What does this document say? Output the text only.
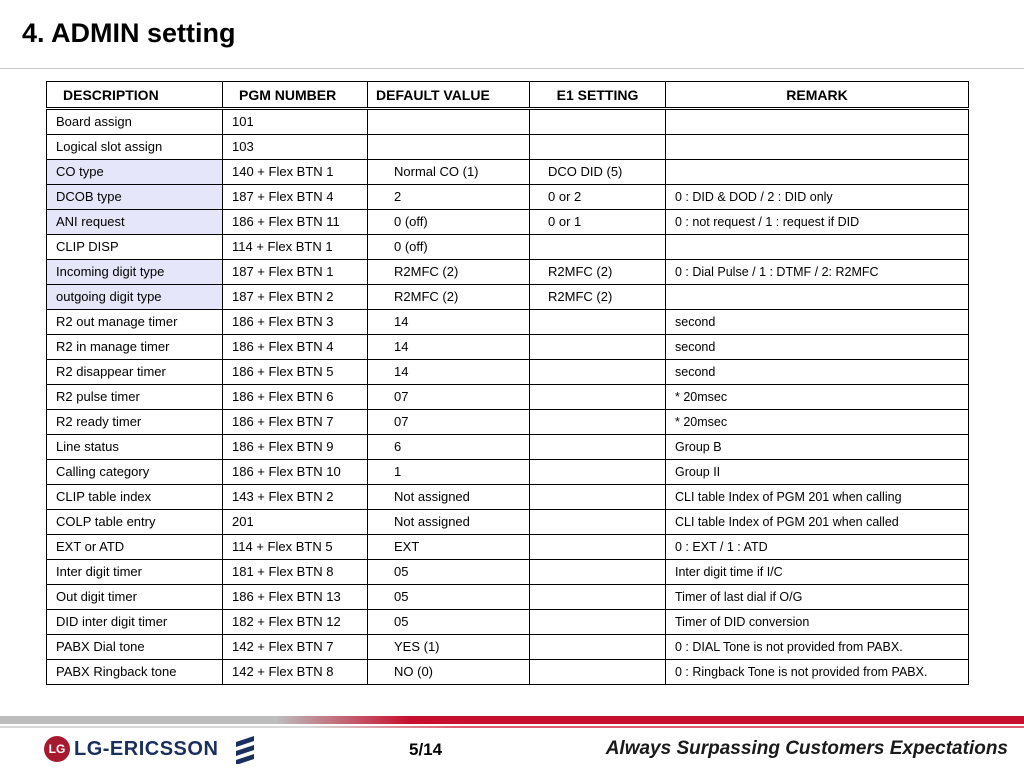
4. ADMIN setting
DESCRIPTION	PGM NUMBER	DEFAULT VALUE	E1 SETTING	REMARK
Board assign	101			
Logical slot assign	103			
CO type	140 + Flex BTN 1	Normal CO (1)	DCO DID (5)	
DCOB type	187 + Flex BTN 4	2	0 or 2	0 : DID & DOD / 2 : DID only
ANI request	186 + Flex BTN 11	0 (off)	0 or 1	0 : not request / 1 : request if DID
CLIP DISP	114 + Flex BTN 1	0 (off)		
Incoming digit type	187 + Flex BTN 1	R2MFC (2)	R2MFC (2)	0 : Dial Pulse / 1 : DTMF / 2: R2MFC
outgoing digit type	187 + Flex BTN 2	R2MFC (2)	R2MFC (2)	
R2 out manage timer	186 + Flex BTN 3	14		second
R2 in manage timer	186 + Flex BTN 4	14		second
R2 disappear timer	186 + Flex BTN 5	14		second
R2 pulse timer	186 + Flex BTN 6	07		* 20msec
R2 ready timer	186 + Flex BTN 7	07		* 20msec
Line status	186 + Flex BTN 9	6		Group B
Calling category	186 + Flex BTN 10	1		Group II
CLIP table index	143 + Flex BTN 2	Not assigned		CLI table Index of PGM 201 when calling
COLP table entry	201	Not assigned		CLI table Index of PGM 201 when called
EXT or ATD	114 + Flex BTN 5	EXT		0 : EXT / 1 : ATD
Inter digit timer	181 + Flex BTN 8	05		Inter digit time if I/C
Out digit timer	186 + Flex BTN 13	05		Timer of last dial if O/G
DID inter digit timer	182 + Flex BTN 12	05		Timer of DID conversion
PABX Dial tone	142 + Flex BTN 7	YES (1)		0 : DIAL Tone is not provided from PABX.
PABX Ringback tone	142 + Flex BTN 8	NO (0)		0 : Ringback Tone is not provided from PABX.
LG LG-ERICSSON	5/14	Always Surpassing Customers Expectations
